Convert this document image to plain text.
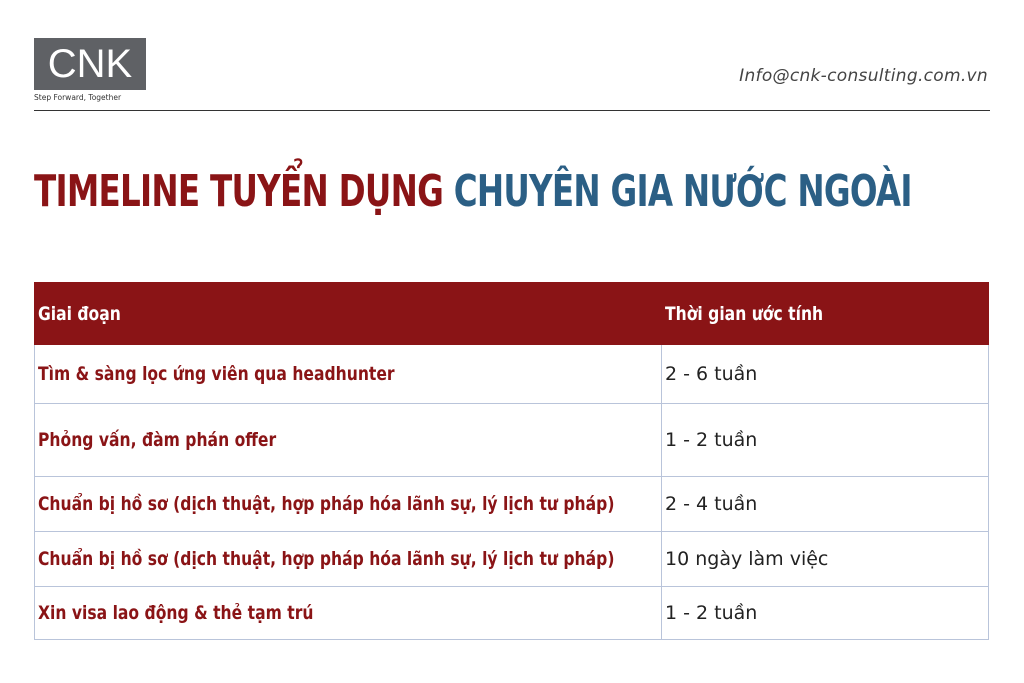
CNK
Step Forward, Together
Info@cnk-consulting.com.vn
TIMELINE TUYỂN DỤNG CHUYÊN GIA NƯỚC NGOÀI
Giai đoạn	Thời gian ước tính
Tìm & sàng lọc ứng viên qua headhunter	2 - 6 tuần
Phỏng vấn, đàm phán offer	1 - 2 tuần
Chuẩn bị hồ sơ (dịch thuật, hợp pháp hóa lãnh sự, lý lịch tư pháp)	2 - 4 tuần
Chuẩn bị hồ sơ (dịch thuật, hợp pháp hóa lãnh sự, lý lịch tư pháp)	10 ngày làm việc
Xin visa lao động & thẻ tạm trú	1 - 2 tuần
